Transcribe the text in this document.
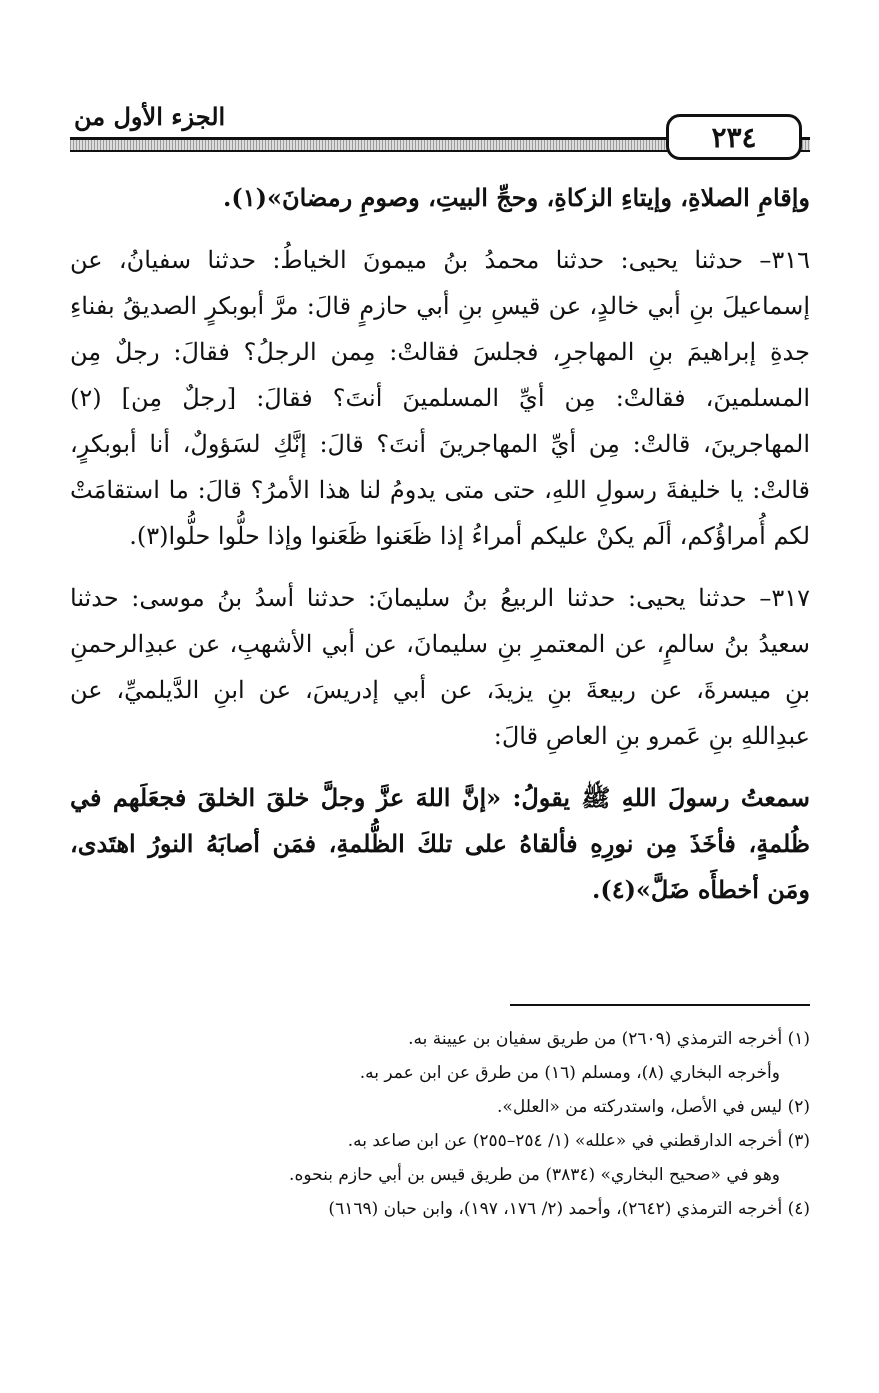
الجزء الأول من
٢٣٤

وإقامِ الصلاةِ، وإيتاءِ الزكاةِ، وحجِّ البيتِ، وصومِ رمضانَ»(١).

٣١٦– حدثنا يحيى: حدثنا محمدُ بنُ ميمونَ الخياطُ: حدثنا سفيانُ، عن إسماعيلَ بنِ أبي خالدٍ، عن قيسِ بنِ أبي حازمٍ قالَ: مرَّ أبوبكرٍ الصديقُ بفناءِ جدةِ إبراهيمَ بنِ المهاجرِ، فجلسَ فقالتْ: مِمن الرجلُ؟ فقالَ: رجلٌ مِن المسلمينَ، فقالتْ: مِن أيِّ المسلمينَ أنتَ؟ فقالَ: [رجلٌ مِن] (٢) المهاجرينَ، قالتْ: مِن أيِّ المهاجرينَ أنتَ؟ قالَ: إنَّكِ لسَؤولٌ، أنا أبوبكرٍ، قالتْ: يا خليفةَ رسولِ اللهِ، حتى متى يدومُ لنا هذا الأمرُ؟ قالَ: ما استقامَتْ لكم أُمراؤُكم، ألَم يكنْ عليكم أمراءُ إذا ظَعَنوا ظَعَنوا وإذا حلُّوا حلُّوا(٣).

٣١٧– حدثنا يحيى: حدثنا الربيعُ بنُ سليمانَ: حدثنا أسدُ بنُ موسى: حدثنا سعيدُ بنُ سالمٍ، عن المعتمرِ بنِ سليمانَ، عن أبي الأشهبِ، عن عبدِالرحمنِ بنِ ميسرةَ، عن ربيعةَ بنِ يزيدَ، عن أبي إدريسَ، عن ابنِ الدَّيلميِّ، عن عبدِاللهِ بنِ عَمرو بنِ العاصِ قالَ:

سمعتُ رسولَ اللهِ ﷺ يقولُ: «إنَّ اللهَ عزَّ وجلَّ خلقَ الخلقَ فجعَلَهم في ظُلمةٍ، فأخَذَ مِن نورِهِ فألقاهُ على تلكَ الظُّلمةِ، فمَن أصابَهُ النورُ اهتَدى، ومَن أخطأَه ضَلَّ»(٤).

(١) أخرجه الترمذي (٢٦٠٩) من طريق سفيان بن عيينة به.

وأخرجه البخاري (٨)، ومسلم (١٦) من طرق عن ابن عمر به.

(٢) ليس في الأصل، واستدركته من «العلل».

(٣) أخرجه الدارقطني في «علله» (١/ ٢٥٤–٢٥٥) عن ابن صاعد به.

وهو في «صحيح البخاري» (٣٨٣٤) من طريق قيس بن أبي حازم بنحوه.

(٤) أخرجه الترمذي (٢٦٤٢)، وأحمد (٢/ ١٧٦، ١٩٧)، وابن حبان (٦١٦٩)
